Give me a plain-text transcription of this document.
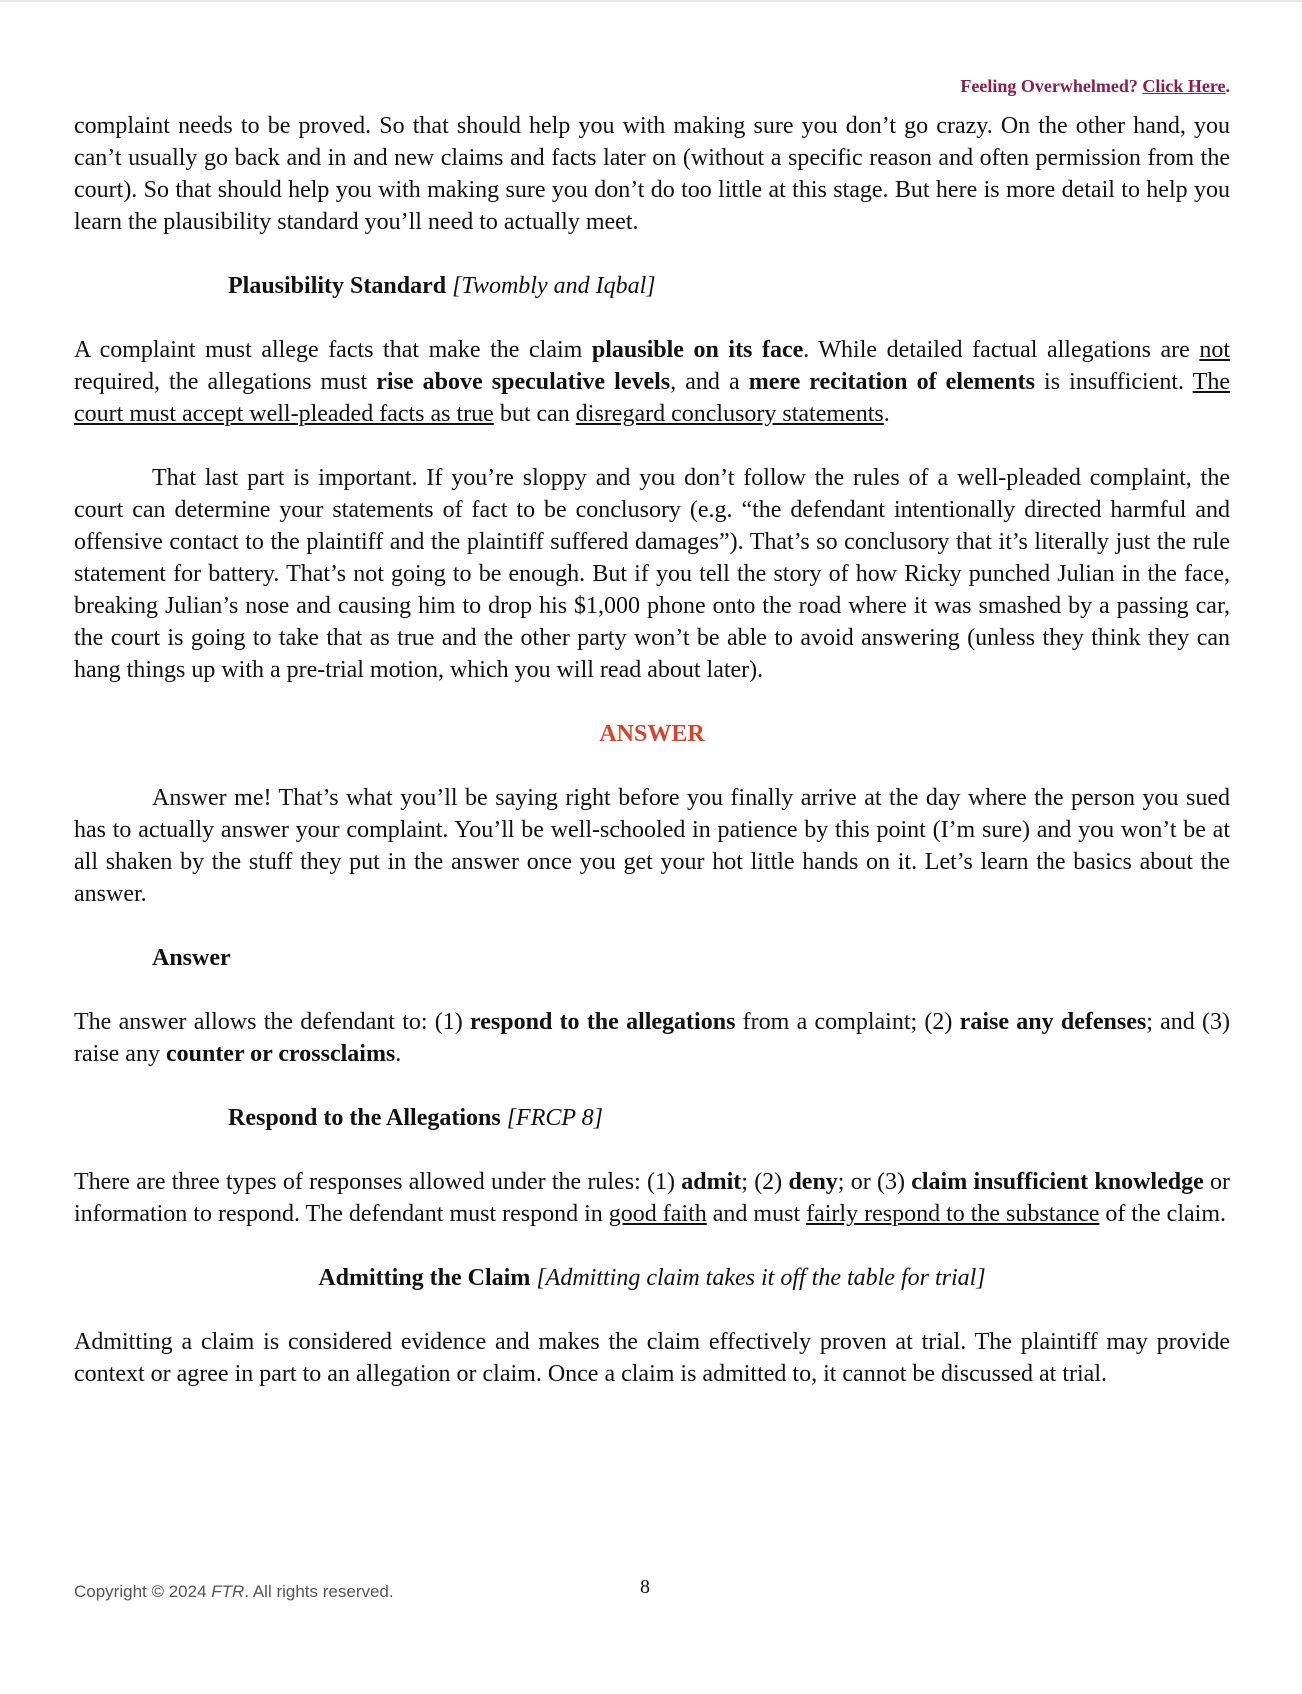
Feeling Overwhelmed? Click Here.

complaint needs to be proved. So that should help you with making sure you don’t go crazy. On the other hand, you can’t usually go back and in and new claims and facts later on (without a specific reason and often permission from the court). So that should help you with making sure you don’t do too little at this stage. But here is more detail to help you learn the plausibility standard you’ll need to actually meet.

Plausibility Standard [Twombly and Iqbal]

A complaint must allege facts that make the claim plausible on its face. While detailed factual allegations are not required, the allegations must rise above speculative levels, and a mere recitation of elements is insufficient. The court must accept well-pleaded facts as true but can disregard conclusory statements.

That last part is important. If you’re sloppy and you don’t follow the rules of a well-pleaded complaint, the court can determine your statements of fact to be conclusory (e.g. “the defendant intentionally directed harmful and offensive contact to the plaintiff and the plaintiff suffered damages”). That’s so conclusory that it’s literally just the rule statement for battery. That’s not going to be enough. But if you tell the story of how Ricky punched Julian in the face, breaking Julian’s nose and causing him to drop his $1,000 phone onto the road where it was smashed by a passing car, the court is going to take that as true and the other party won’t be able to avoid answering (unless they think they can hang things up with a pre-trial motion, which you will read about later).

ANSWER

Answer me! That’s what you’ll be saying right before you finally arrive at the day where the person you sued has to actually answer your complaint. You’ll be well-schooled in patience by this point (I’m sure) and you won’t be at all shaken by the stuff they put in the answer once you get your hot little hands on it. Let’s learn the basics about the answer.

Answer

The answer allows the defendant to: (1) respond to the allegations from a complaint; (2) raise any defenses; and (3) raise any counter or crossclaims.

Respond to the Allegations [FRCP 8]

There are three types of responses allowed under the rules: (1) admit; (2) deny; or (3) claim insufficient knowledge or information to respond. The defendant must respond in good faith and must fairly respond to the substance of the claim.

Admitting the Claim [Admitting claim takes it off the table for trial]

Admitting a claim is considered evidence and makes the claim effectively proven at trial. The plaintiff may provide context or agree in part to an allegation or claim. Once a claim is admitted to, it cannot be discussed at trial.

Copyright © 2024 FTR. All rights reserved.	8
